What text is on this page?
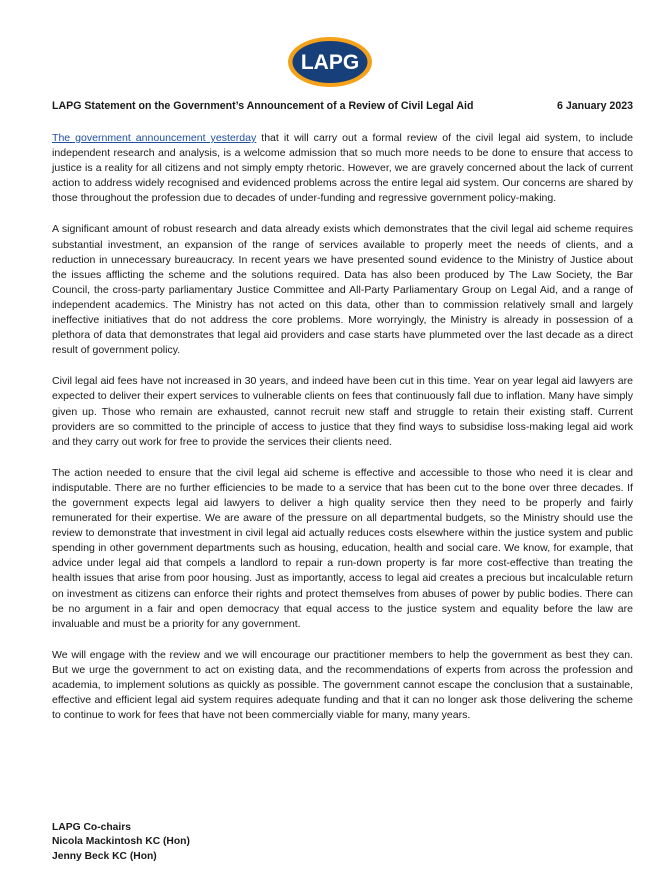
LAPG
LAPG Statement on the Government’s Announcement of a Review of Civil Legal Aid	6 January 2023

The government announcement yesterday that it will carry out a formal review of the civil legal aid system, to include independent research and analysis, is a welcome admission that so much more needs to be done to ensure that access to justice is a reality for all citizens and not simply empty rhetoric. However, we are gravely concerned about the lack of current action to address widely recognised and evidenced problems across the entire legal aid system. Our concerns are shared by those throughout the profession due to decades of under-funding and regressive government policy-making.

A significant amount of robust research and data already exists which demonstrates that the civil legal aid scheme requires substantial investment, an expansion of the range of services available to properly meet the needs of clients, and a reduction in unnecessary bureaucracy. In recent years we have presented sound evidence to the Ministry of Justice about the issues afflicting the scheme and the solutions required. Data has also been produced by The Law Society, the Bar Council, the cross-party parliamentary Justice Committee and All-Party Parliamentary Group on Legal Aid, and a range of independent academics. The Ministry has not acted on this data, other than to commission relatively small and largely ineffective initiatives that do not address the core problems. More worryingly, the Ministry is already in possession of a plethora of data that demonstrates that legal aid providers and case starts have plummeted over the last decade as a direct result of government policy.

Civil legal aid fees have not increased in 30 years, and indeed have been cut in this time. Year on year legal aid lawyers are expected to deliver their expert services to vulnerable clients on fees that continuously fall due to inflation. Many have simply given up. Those who remain are exhausted, cannot recruit new staff and struggle to retain their existing staff. Current providers are so committed to the principle of access to justice that they find ways to subsidise loss-making legal aid work and they carry out work for free to provide the services their clients need.

The action needed to ensure that the civil legal aid scheme is effective and accessible to those who need it is clear and indisputable. There are no further efficiencies to be made to a service that has been cut to the bone over three decades. If the government expects legal aid lawyers to deliver a high quality service then they need to be properly and fairly remunerated for their expertise. We are aware of the pressure on all departmental budgets, so the Ministry should use the review to demonstrate that investment in civil legal aid actually reduces costs elsewhere within the justice system and public spending in other government departments such as housing, education, health and social care. We know, for example, that advice under legal aid that compels a landlord to repair a run-down property is far more cost-effective than treating the health issues that arise from poor housing. Just as importantly, access to legal aid creates a precious but incalculable return on investment as citizens can enforce their rights and protect themselves from abuses of power by public bodies. There can be no argument in a fair and open democracy that equal access to the justice system and equality before the law are invaluable and must be a priority for any government.

We will engage with the review and we will encourage our practitioner members to help the government as best they can. But we urge the government to act on existing data, and the recommendations of experts from across the profession and academia, to implement solutions as quickly as possible. The government cannot escape the conclusion that a sustainable, effective and efficient legal aid system requires adequate funding and that it can no longer ask those delivering the scheme to continue to work for fees that have not been commercially viable for many, many years.

LAPG Co-chairs
Nicola Mackintosh KC (Hon)
Jenny Beck KC (Hon)
